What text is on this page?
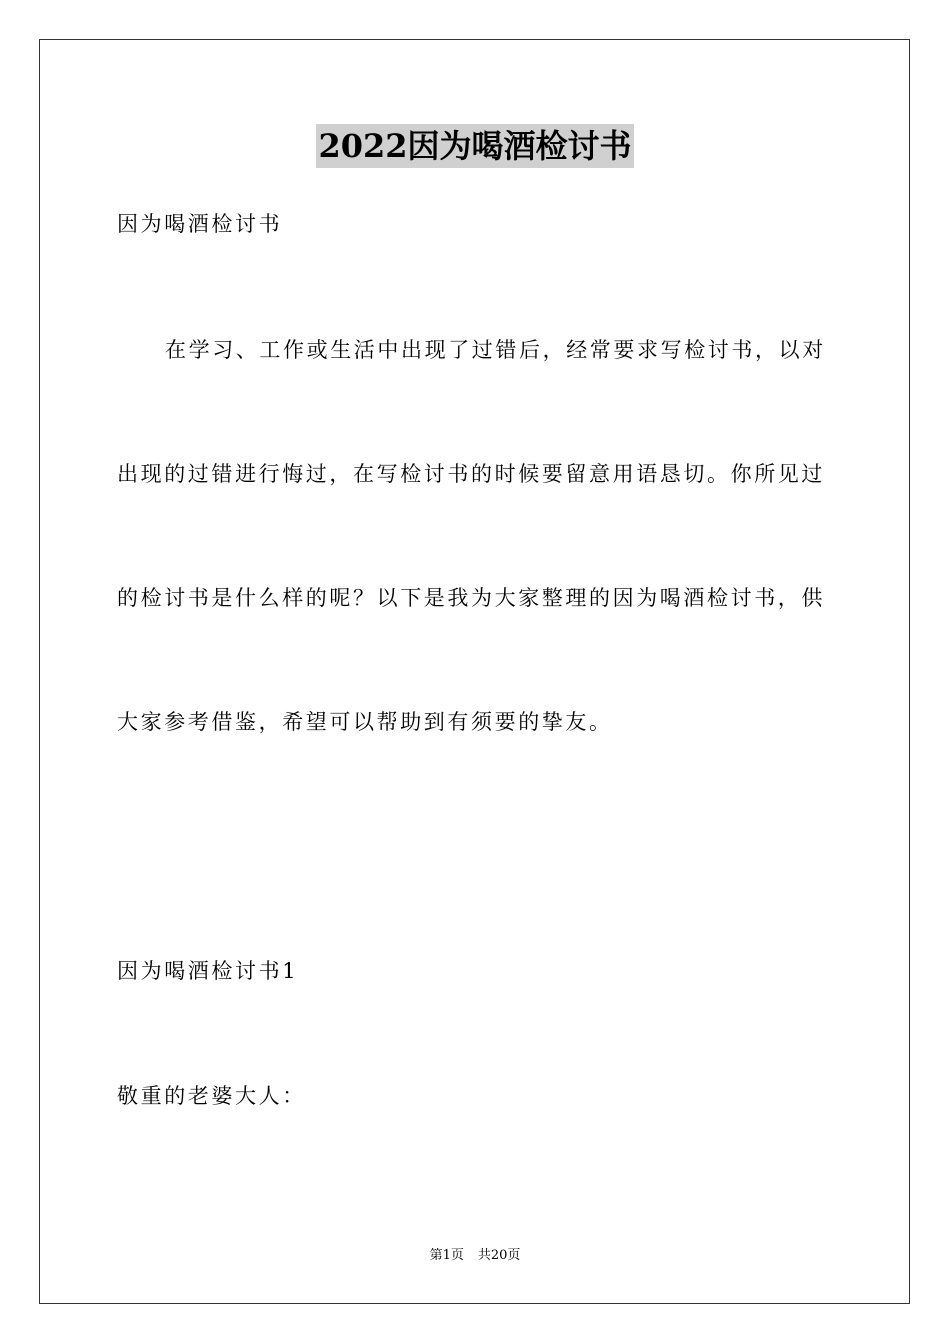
2022因为喝酒检讨书
因为喝酒检讨书
在学习、工作或生活中出现了过错后，经常要求写检讨书，以对
出现的过错进行悔过，在写检讨书的时候要留意用语恳切。你所见过
的检讨书是什么样的呢？以下是我为大家整理的因为喝酒检讨书，供
大家参考借鉴，希望可以帮助到有须要的挚友。
因为喝酒检讨书1
敬重的老婆大人：
第1页 共20页
